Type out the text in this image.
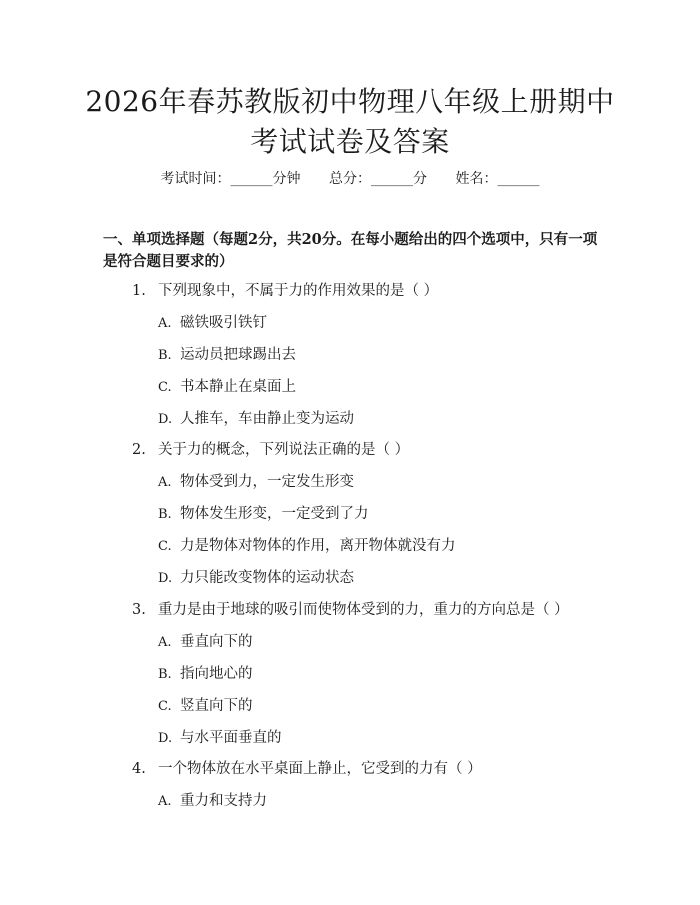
2026年春苏教版初中物理八年级上册期中考试试卷及答案
考试时间：______分钟 总分：______分 姓名：______
一、单项选择题（每题2分，共20分。在每小题给出的四个选项中，只有一项是符合题目要求的）
1. 下列现象中，不属于力的作用效果的是（ ）
A. 磁铁吸引铁钉
B. 运动员把球踢出去
C. 书本静止在桌面上
D. 人推车，车由静止变为运动
2. 关于力的概念，下列说法正确的是（ ）
A. 物体受到力，一定发生形变
B. 物体发生形变，一定受到了力
C. 力是物体对物体的作用，离开物体就没有力
D. 力只能改变物体的运动状态
3. 重力是由于地球的吸引而使物体受到的力，重力的方向总是（ ）
A. 垂直向下的
B. 指向地心的
C. 竖直向下的
D. 与水平面垂直的
4. 一个物体放在水平桌面上静止，它受到的力有（ ）
A. 重力和支持力
